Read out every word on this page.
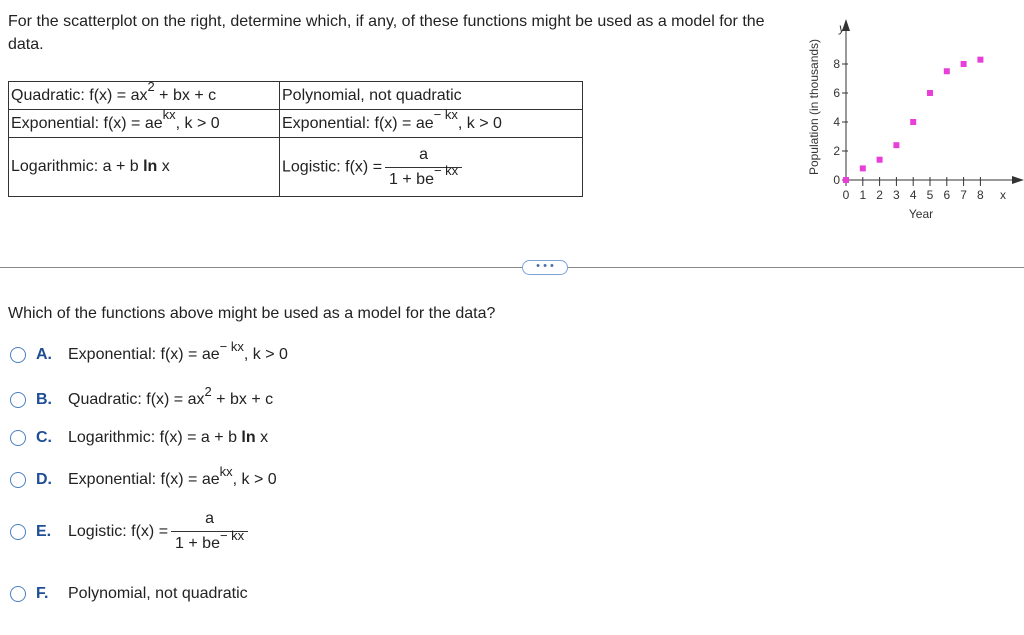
For the scatterplot on the right, determine which, if any, of these functions might be used as a model for the data.
Quadratic: $f(x) = ax^2$ + bx + c	Polynomial, not quadratic
Exponential: $f(x) = ae^{kx}$, k > 0	Exponential: $f(x) = ae^{- kx}$, k > 0
Logarithmic: a + b ln x	Logistic: $f(x) = \frac{a}{1 + be^{- kx}}$
0 1 2 3 4 5 6 7 8
0
2
4
6
8
Population (in thousands)
Year
y
x
• • •
Which of the functions above might be used as a model for the data?
A.	Exponential: $f(x) = ae^{- kx}$, k > 0
B.	Quadratic: $f(x) = ax^2$ + bx + c
C.	Logarithmic: f(x) = a + b ln x
D.	Exponential: $f(x) = ae^{kx}$, k > 0
E.	Logistic: $f(x) = \frac{a}{1 + be^{- kx}}$
F.	Polynomial, not quadratic
